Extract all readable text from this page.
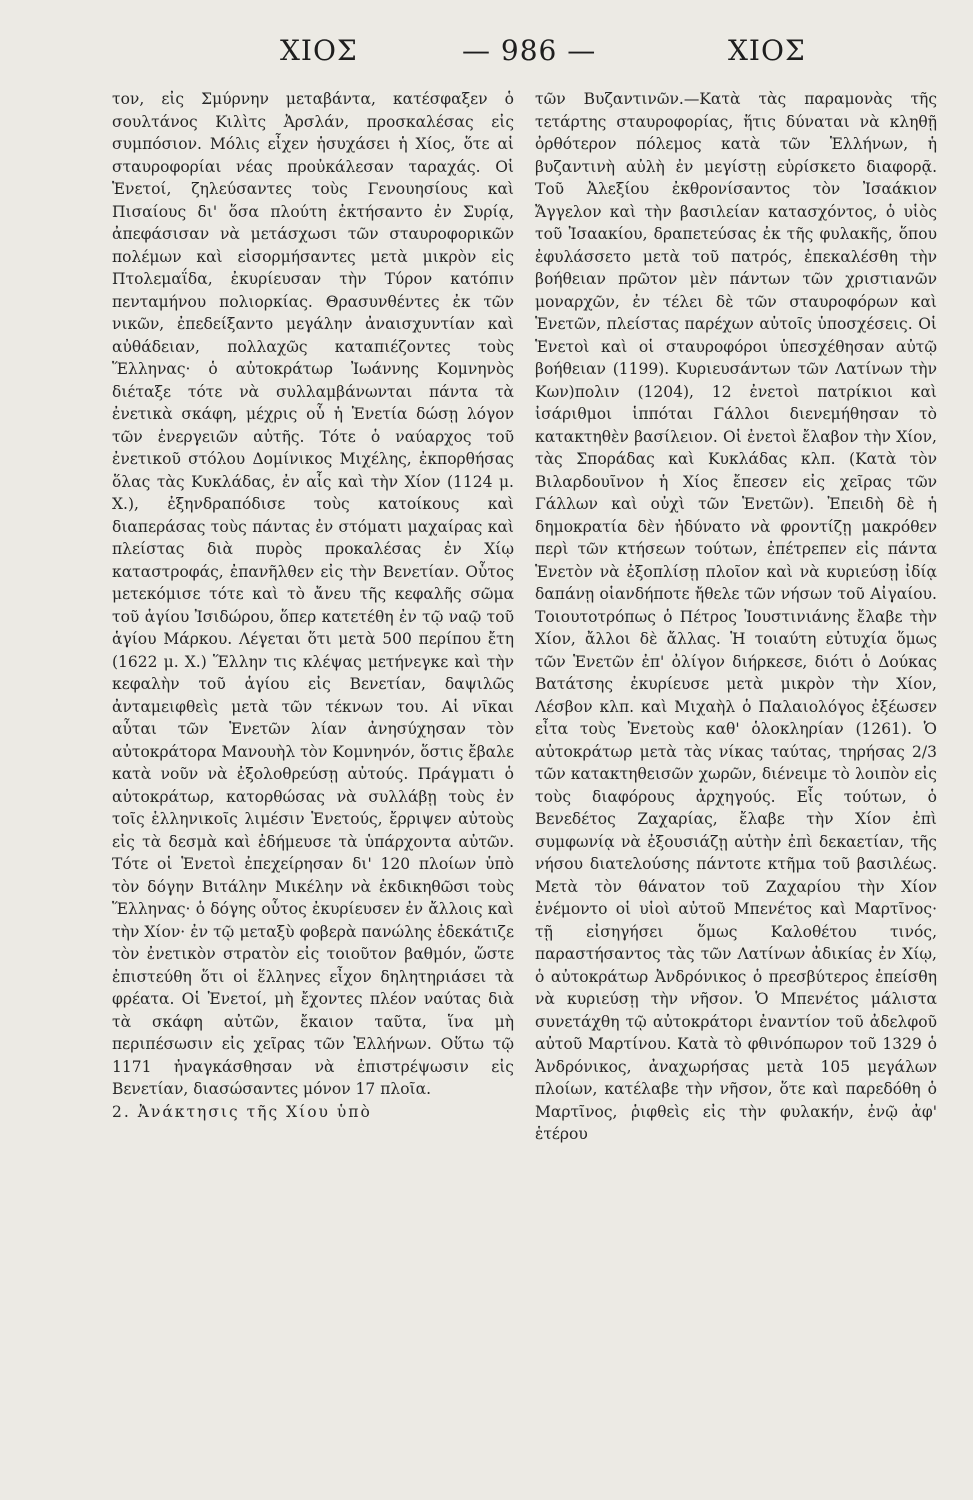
ΧΙΟΣ	— 986 —	ΧΙΟΣ

τον, εἰς Σμύρνην μεταβάντα, κατέσφαξεν ὁ σουλτάνος Κιλὶτς Ἀρσλάν, προσκαλέσας εἰς συμπόσιον. Μόλις εἶχεν ἡσυχάσει ἡ Χίος, ὅτε αἱ σταυροφορίαι νέας προὐκάλεσαν ταραχάς. Οἱ Ἑνετοί, ζηλεύσαντες τοὺς Γενουησίους καὶ Πισαίους δι' ὅσα πλούτη ἐκτήσαντο ἐν Συρίᾳ, ἀπεφάσισαν νὰ μετάσχωσι τῶν σταυροφορικῶν πολέμων καὶ εἰσορμήσαντες μετὰ μικρὸν εἰς Πτολεμαΐδα, ἐκυρίευσαν τὴν Τύρον κατόπιν πενταμήνου πολιορκίας. Θρασυνθέντες ἐκ τῶν νικῶν, ἐπεδείξαντο μεγάλην ἀναισχυντίαν καὶ αὐθάδειαν, πολλαχῶς καταπιέζοντες τοὺς Ἕλληνας· ὁ αὐτοκράτωρ Ἰωάννης Κομνηνὸς διέταξε τότε νὰ συλλαμβάνωνται πάντα τὰ ἐνετικὰ σκάφη, μέχρις οὗ ἡ Ἑνετία δώσῃ λόγον τῶν ἐνεργειῶν αὐτῆς. Τότε ὁ ναύαρχος τοῦ ἐνετικοῦ στόλου Δομίνικος Μιχέλης, ἐκπορθήσας ὅλας τὰς Κυκλάδας, ἐν αἷς καὶ τὴν Χίον (1124 μ. Χ.), ἐξηνδραπόδισε τοὺς κατοίκους καὶ διαπεράσας τοὺς πάντας ἐν στόματι μαχαίρας καὶ πλείστας διὰ πυρὸς προκαλέσας ἐν Χίῳ καταστροφάς, ἐπανῆλθεν εἰς τὴν Βενετίαν. Οὗτος μετεκόμισε τότε καὶ τὸ ἄνευ τῆς κεφαλῆς σῶμα τοῦ ἁγίου Ἰσιδώρου, ὅπερ κατετέθη ἐν τῷ ναῷ τοῦ ἁγίου Μάρκου. Λέγεται ὅτι μετὰ 500 περίπου ἔτη (1622 μ. Χ.) Ἕλλην τις κλέψας μετήνεγκε καὶ τὴν κεφαλὴν τοῦ ἁγίου εἰς Βενετίαν, δαψιλῶς ἀνταμειφθεὶς μετὰ τῶν τέκνων του. Αἱ νῖκαι αὗται τῶν Ἑνετῶν λίαν ἀνησύχησαν τὸν αὐτοκράτορα Μανουὴλ τὸν Κομνηνόν, ὅστις ἔβαλε κατὰ νοῦν νὰ ἐξολοθρεύσῃ αὐτούς. Πράγματι ὁ αὐτοκράτωρ, κατορθώσας νὰ συλλάβῃ τοὺς ἐν τοῖς ἑλληνικοῖς λιμέσιν Ἑνετούς, ἔρριψεν αὐτοὺς εἰς τὰ δεσμὰ καὶ ἐδήμευσε τὰ ὑπάρχοντα αὐτῶν. Τότε οἱ Ἑνετοὶ ἐπεχείρησαν δι' 120 πλοίων ὑπὸ τὸν δόγην Βιτάλην Μικέλην νὰ ἐκδικηθῶσι τοὺς Ἕλληνας· ὁ δόγης οὗτος ἐκυρίευσεν ἐν ἄλλοις καὶ τὴν Χίον· ἐν τῷ μεταξὺ φοβερὰ πανώλης ἐδεκάτιζε τὸν ἐνετικὸν στρατὸν εἰς τοιοῦτον βαθμόν, ὥστε ἐπιστεύθη ὅτι οἱ ἕλληνες εἶχον δηλητηριάσει τὰ φρέατα. Οἱ Ἑνετοί, μὴ ἔχοντες πλέον ναύτας διὰ τὰ σκάφη αὐτῶν, ἔκαιον ταῦτα, ἵνα μὴ περιπέσωσιν εἰς χεῖρας τῶν Ἑλλήνων. Οὕτω τῷ 1171 ἠναγκάσθησαν νὰ ἐπιστρέψωσιν εἰς Βενετίαν, διασώσαντες μόνον 17 πλοῖα.

2. Ἀνάκτησις τῆς Χίου ὑπὸ

τῶν Βυζαντινῶν.—Κατὰ τὰς παραμονὰς τῆς τετάρτης σταυροφορίας, ἥτις δύναται νὰ κληθῇ ὀρθότερον πόλεμος κατὰ τῶν Ἑλλήνων, ἡ βυζαντινὴ αὐλὴ ἐν μεγίστῃ εὑρίσκετο διαφορᾷ. Τοῦ Ἀλεξίου ἐκθρονίσαντος τὸν Ἰσαάκιον Ἄγγελον καὶ τὴν βασιλείαν κατασχόντος, ὁ υἱὸς τοῦ Ἰσαακίου, δραπετεύσας ἐκ τῆς φυλακῆς, ὅπου ἐφυλάσσετο μετὰ τοῦ πατρός, ἐπεκαλέσθη τὴν βοήθειαν πρῶτον μὲν πάντων τῶν χριστιανῶν μοναρχῶν, ἐν τέλει δὲ τῶν σταυροφόρων καὶ Ἑνετῶν, πλείστας παρέχων αὐτοῖς ὑποσχέσεις. Οἱ Ἑνετοὶ καὶ οἱ σταυροφόροι ὑπεσχέθησαν αὐτῷ βοήθειαν (1199). Κυριευσάντων τῶν Λατίνων τὴν Κων)πολιν (1204), 12 ἐνετοὶ πατρίκιοι καὶ ἰσάριθμοι ἱππόται Γάλλοι διενεμήθησαν τὸ κατακτηθὲν βασίλειον. Οἱ ἐνετοὶ ἔλαβον τὴν Χίον, τὰς Σποράδας καὶ Κυκλάδας κλπ. (Κατὰ τὸν Βιλαρδουῖνον ἡ Χίος ἔπεσεν εἰς χεῖρας τῶν Γάλλων καὶ οὐχὶ τῶν Ἑνετῶν). Ἐπειδὴ δὲ ἡ δημοκρατία δὲν ἠδύνατο νὰ φροντίζῃ μακρόθεν περὶ τῶν κτήσεων τούτων, ἐπέτρεπεν εἰς πάντα Ἑνετὸν νὰ ἐξοπλίσῃ πλοῖον καὶ νὰ κυριεύσῃ ἰδίᾳ δαπάνῃ οἱανδήποτε ἤθελε τῶν νήσων τοῦ Αἰγαίου. Τοιουτοτρόπως ὁ Πέτρος Ἰουστινιάνης ἔλαβε τὴν Χίον, ἄλλοι δὲ ἄλλας. Ἡ τοιαύτη εὐτυχία ὅμως τῶν Ἑνετῶν ἐπ' ὀλίγον διήρκεσε, διότι ὁ Δούκας Βατάτσης ἐκυρίευσε μετὰ μικρὸν τὴν Χίον, Λέσβον κλπ. καὶ Μιχαὴλ ὁ Παλαιολόγος ἐξέωσεν εἶτα τοὺς Ἑνετοὺς καθ' ὁλοκληρίαν (1261). Ὁ αὐτοκράτωρ μετὰ τὰς νίκας ταύτας, τηρήσας 2/3 τῶν κατακτηθεισῶν χωρῶν, διένειμε τὸ λοιπὸν εἰς τοὺς διαφόρους ἀρχηγούς. Εἷς τούτων, ὁ Βενεδέτος Ζαχαρίας, ἔλαβε τὴν Χίον ἐπὶ συμφωνίᾳ νὰ ἐξουσιάζῃ αὐτὴν ἐπὶ δεκαετίαν, τῆς νήσου διατελούσης πάντοτε κτῆμα τοῦ βασιλέως. Μετὰ τὸν θάνατον τοῦ Ζαχαρίου τὴν Χίον ἐνέμοντο οἱ υἱοὶ αὐτοῦ Μπενέτος καὶ Μαρτῖνος· τῇ εἰσηγήσει ὅμως Καλοθέτου τινός, παραστήσαντος τὰς τῶν Λατίνων ἀδικίας ἐν Χίῳ, ὁ αὐτοκράτωρ Ἀνδρόνικος ὁ πρεσβύτερος ἐπείσθη νὰ κυριεύσῃ τὴν νῆσον. Ὁ Μπενέτος μάλιστα συνετάχθη τῷ αὐτοκράτορι ἐναντίον τοῦ ἀδελφοῦ αὐτοῦ Μαρτίνου. Κατὰ τὸ φθινόπωρον τοῦ 1329 ὁ Ἀνδρόνικος, ἀναχωρήσας μετὰ 105 μεγάλων πλοίων, κατέλαβε τὴν νῆσον, ὅτε καὶ παρεδόθη ὁ Μαρτῖνος, ῥιφθεὶς εἰς τὴν φυλακήν, ἐνῷ ἀφ' ἑτέρου
